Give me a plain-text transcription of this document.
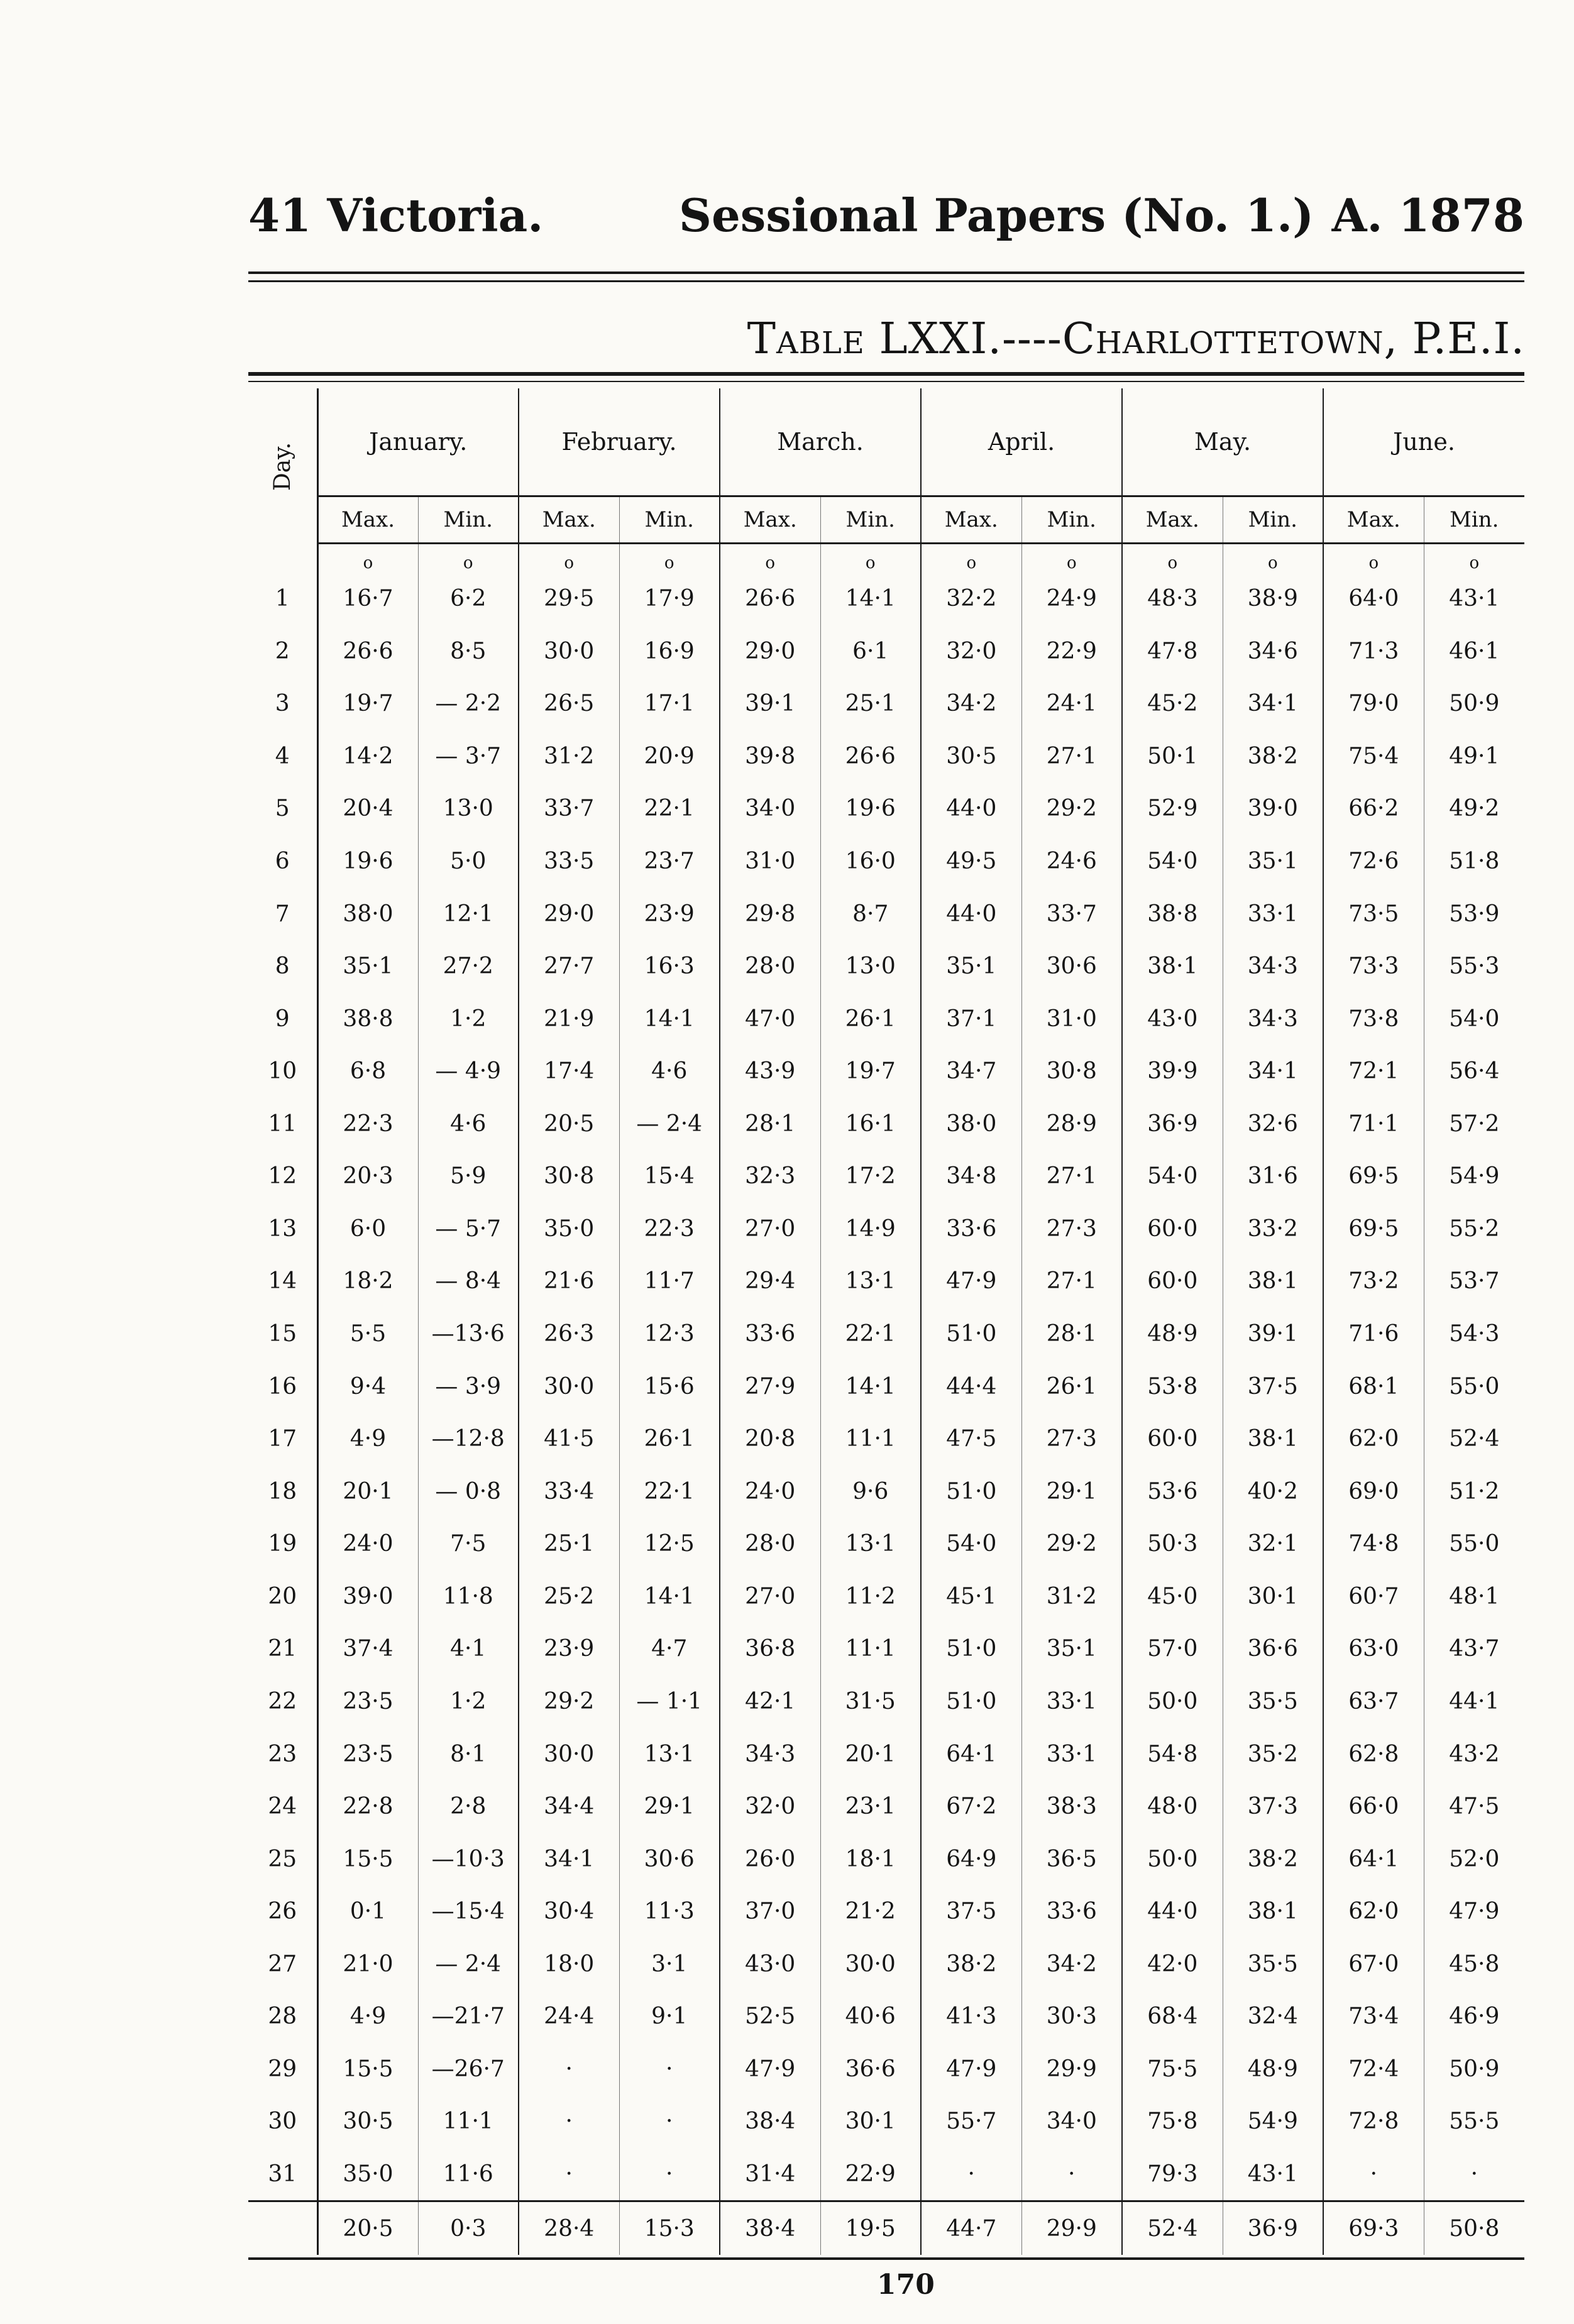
41 Victoria.	Sessional Papers (No. 1.) A. 1878
Table LXXI.----Charlottetown, P.E.I.
Day.	January.		February.		March.		April.		May.		June.	
	Max.	Min.	Max.	Min.	Max.	Min.	Max.	Min.	Max.	Min.	Max.	Min.
	o	o	o	o	o	o	o	o	o	o	o	o
1	16·7	6·2	29·5	17·9	26·6	14·1	32·2	24·9	48·3	38·9	64·0	43·1
2	26·6	8·5	30·0	16·9	29·0	6·1	32·0	22·9	47·8	34·6	71·3	46·1
3	19·7	— 2·2	26·5	17·1	39·1	25·1	34·2	24·1	45·2	34·1	79·0	50·9
4	14·2	— 3·7	31·2	20·9	39·8	26·6	30·5	27·1	50·1	38·2	75·4	49·1
5	20·4	13·0	33·7	22·1	34·0	19·6	44·0	29·2	52·9	39·0	66·2	49·2
6	19·6	5·0	33·5	23·7	31·0	16·0	49·5	24·6	54·0	35·1	72·6	51·8
7	38·0	12·1	29·0	23·9	29·8	8·7	44·0	33·7	38·8	33·1	73·5	53·9
8	35·1	27·2	27·7	16·3	28·0	13·0	35·1	30·6	38·1	34·3	73·3	55·3
9	38·8	1·2	21·9	14·1	47·0	26·1	37·1	31·0	43·0	34·3	73·8	54·0
10	6·8	— 4·9	17·4	4·6	43·9	19·7	34·7	30·8	39·9	34·1	72·1	56·4
11	22·3	4·6	20·5	— 2·4	28·1	16·1	38·0	28·9	36·9	32·6	71·1	57·2
12	20·3	5·9	30·8	15·4	32·3	17·2	34·8	27·1	54·0	31·6	69·5	54·9
13	6·0	— 5·7	35·0	22·3	27·0	14·9	33·6	27·3	60·0	33·2	69·5	55·2
14	18·2	— 8·4	21·6	11·7	29·4	13·1	47·9	27·1	60·0	38·1	73·2	53·7
15	5·5	—13·6	26·3	12·3	33·6	22·1	51·0	28·1	48·9	39·1	71·6	54·3
16	9·4	— 3·9	30·0	15·6	27·9	14·1	44·4	26·1	53·8	37·5	68·1	55·0
17	4·9	—12·8	41·5	26·1	20·8	11·1	47·5	27·3	60·0	38·1	62·0	52·4
18	20·1	— 0·8	33·4	22·1	24·0	9·6	51·0	29·1	53·6	40·2	69·0	51·2
19	24·0	7·5	25·1	12·5	28·0	13·1	54·0	29·2	50·3	32·1	74·8	55·0
20	39·0	11·8	25·2	14·1	27·0	11·2	45·1	31·2	45·0	30·1	60·7	48·1
21	37·4	4·1	23·9	4·7	36·8	11·1	51·0	35·1	57·0	36·6	63·0	43·7
22	23·5	1·2	29·2	— 1·1	42·1	31·5	51·0	33·1	50·0	35·5	63·7	44·1
23	23·5	8·1	30·0	13·1	34·3	20·1	64·1	33·1	54·8	35·2	62·8	43·2
24	22·8	2·8	34·4	29·1	32·0	23·1	67·2	38·3	48·0	37·3	66·0	47·5
25	15·5	—10·3	34·1	30·6	26·0	18·1	64·9	36·5	50·0	38·2	64·1	52·0
26	0·1	—15·4	30·4	11·3	37·0	21·2	37·5	33·6	44·0	38·1	62·0	47·9
27	21·0	— 2·4	18·0	3·1	43·0	30·0	38·2	34·2	42·0	35·5	67·0	45·8
28	4·9	—21·7	24·4	9·1	52·5	40·6	41·3	30·3	68·4	32·4	73·4	46·9
29	15·5	—26·7	·	·	47·9	36·6	47·9	29·9	75·5	48·9	72·4	50·9
30	30·5	11·1	·	·	38·4	30·1	55·7	34·0	75·8	54·9	72·8	55·5
31	35·0	11·6	·	·	31·4	22·9	·	·	79·3	43·1	·	·
	20·5	0·3	28·4	15·3	38·4	19·5	44·7	29·9	52·4	36·9	69·3	50·8
170
